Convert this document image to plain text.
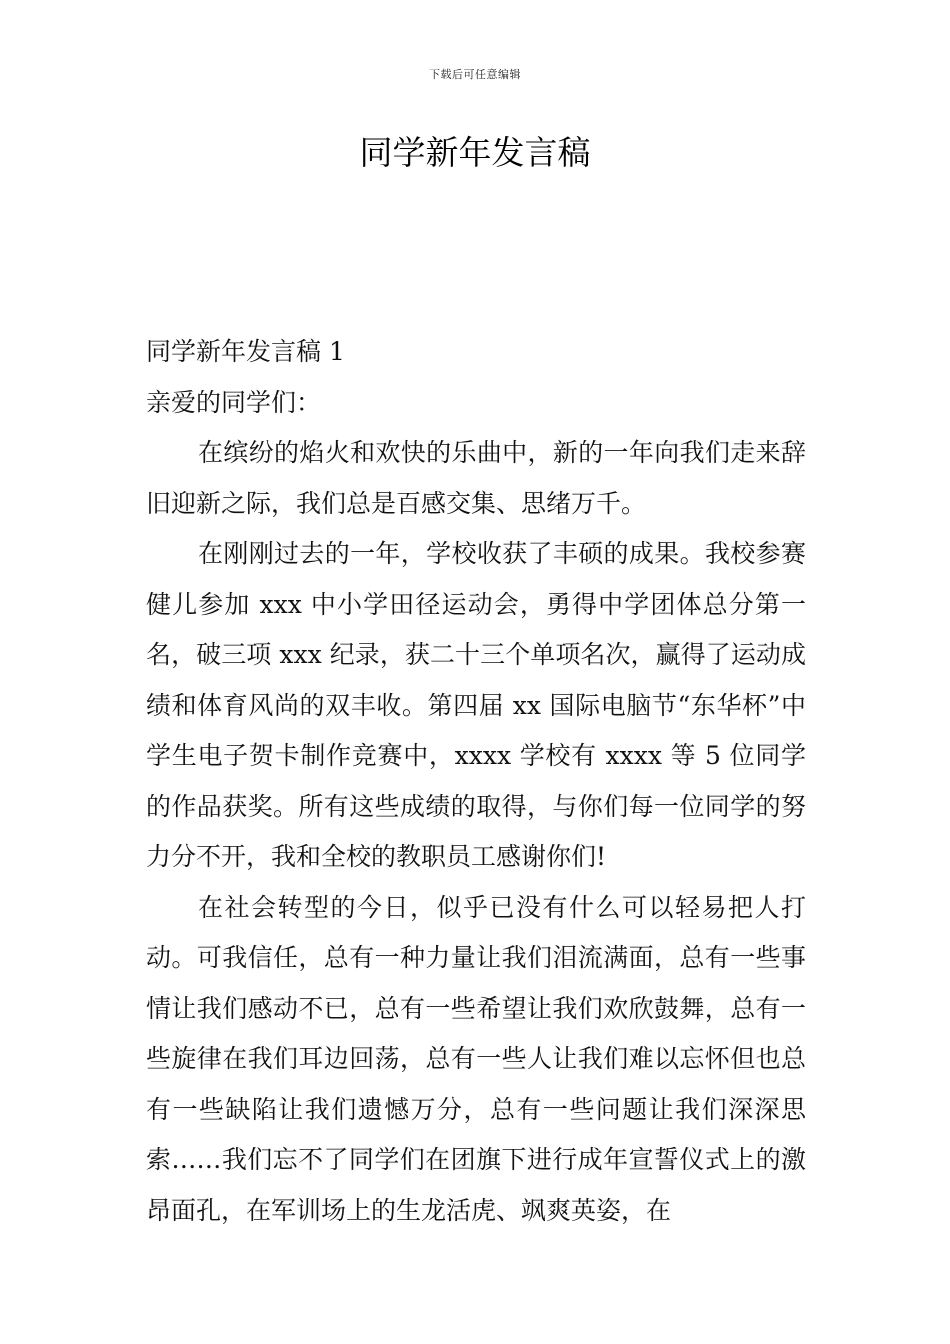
下载后可任意编辑
同学新年发言稿

同学新年发言稿 1

亲爱的同学们：

在缤纷的焰火和欢快的乐曲中，新的一年向我们走来辞旧迎新之际，我们总是百感交集、思绪万千。

在刚刚过去的一年，学校收获了丰硕的成果。我校参赛健儿参加 xxx 中小学田径运动会，勇得中学团体总分第一名，破三项 xxx 纪录，获二十三个单项名次，赢得了运动成绩和体育风尚的双丰收。第四届 xx 国际电脑节“东华杯”中学生电子贺卡制作竞赛中，xxxx 学校有 xxxx 等 5 位同学的作品获奖。所有这些成绩的取得，与你们每一位同学的努力分不开，我和全校的教职员工感谢你们!

在社会转型的今日，似乎已没有什么可以轻易把人打动。可我信任，总有一种力量让我们泪流满面，总有一些事情让我们感动不已，总有一些希望让我们欢欣鼓舞，总有一些旋律在我们耳边回荡，总有一些人让我们难以忘怀但也总有一些缺陷让我们遗憾万分，总有一些问题让我们深深思索……我们忘不了同学们在团旗下进行成年宣誓仪式上的激昂面孔，在军训场上的生龙活虎、飒爽英姿，在
